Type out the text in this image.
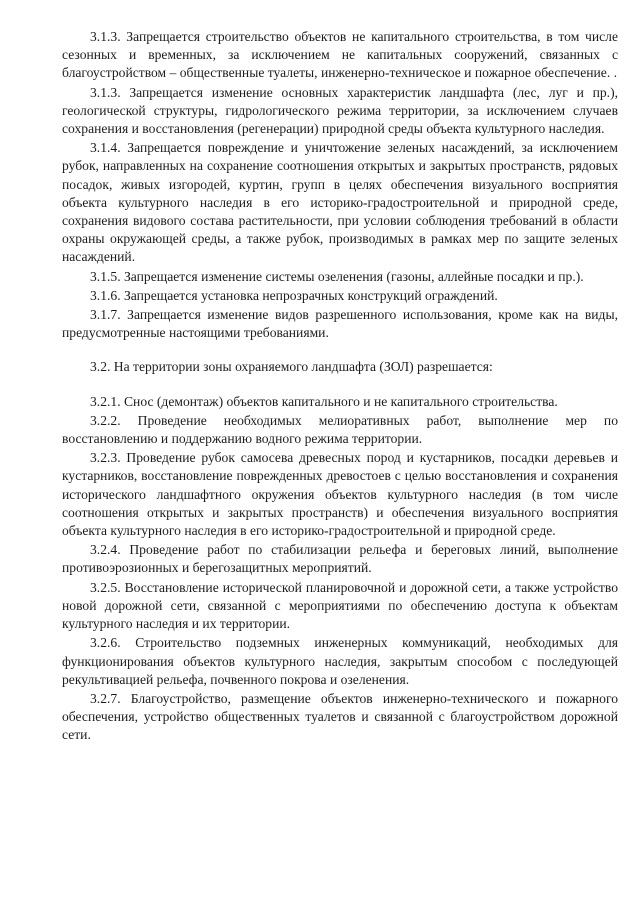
3.1.3. Запрещается строительство объектов не капитального строительства, в том числе сезонных и временных, за исключением не капитальных сооружений, связанных с благоустройством – общественные туалеты, инженерно-техническое и пожарное обеспечение. .

3.1.3. Запрещается изменение основных характеристик ландшафта (лес, луг и пр.), геологической структуры, гидрологического режима территории, за исключением случаев сохранения и восстановления (регенерации) природной среды объекта культурного наследия.

3.1.4. Запрещается повреждение и уничтожение зеленых насаждений, за исключением рубок, направленных на сохранение соотношения открытых и закрытых пространств, рядовых посадок, живых изгородей, куртин, групп в целях обеспечения визуального восприятия объекта культурного наследия в его историко-градостроительной и природной среде, сохранения видового состава растительности, при условии соблюдения требований в области охраны окружающей среды, а также рубок, производимых в рамках мер по защите зеленых насаждений.

3.1.5. Запрещается изменение системы озеленения (газоны, аллейные посадки и пр.).

3.1.6. Запрещается установка непрозрачных конструкций ограждений.

3.1.7. Запрещается изменение видов разрешенного использования, кроме как на виды, предусмотренные настоящими требованиями.

3.2. На территории зоны охраняемого ландшафта (ЗОЛ) разрешается:

3.2.1. Снос (демонтаж) объектов капитального и не капитального строительства.

3.2.2. Проведение необходимых мелиоративных работ, выполнение мер по восстановлению и поддержанию водного режима территории.

3.2.3. Проведение рубок самосева древесных пород и кустарников, посадки деревьев и кустарников, восстановление поврежденных древостоев с целью восстановления и сохранения исторического ландшафтного окружения объектов культурного наследия (в том числе соотношения открытых и закрытых пространств) и обеспечения визуального восприятия объекта культурного наследия в его историко-градостроительной и природной среде.

3.2.4. Проведение работ по стабилизации рельефа и береговых линий, выполнение противоэрозионных и берегозащитных мероприятий.

3.2.5. Восстановление исторической планировочной и дорожной сети, а также устройство новой дорожной сети, связанной с мероприятиями по обеспечению доступа к объектам культурного наследия и их территории.

3.2.6. Строительство подземных инженерных коммуникаций, необходимых для функционирования объектов культурного наследия, закрытым способом с последующей рекультивацией рельефа, почвенного покрова и озеленения.

3.2.7. Благоустройство, размещение объектов инженерно-технического и пожарного обеспечения, устройство общественных туалетов и связанной с благоустройством дорожной сети.
